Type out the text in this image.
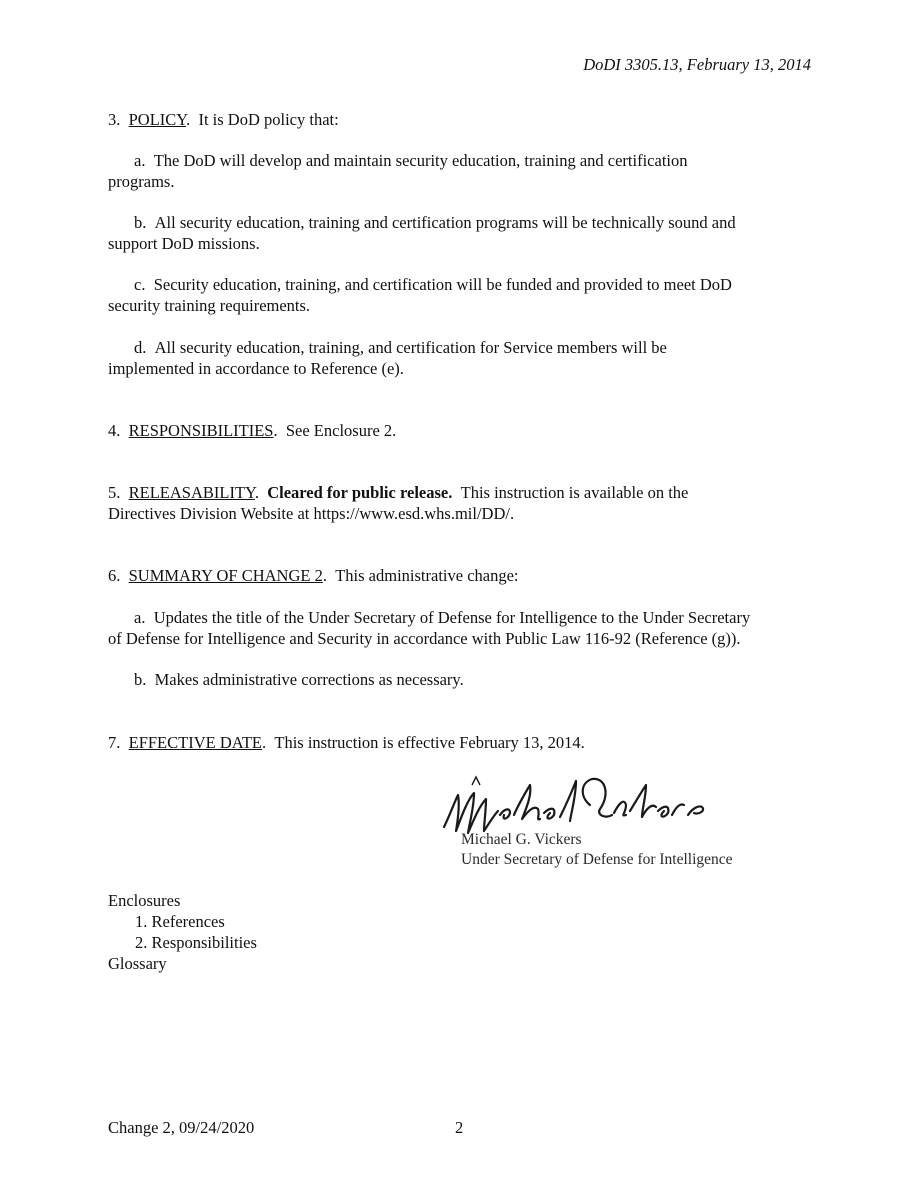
DoDI 3305.13, February 13, 2014
3. POLICY.  It is DoD policy that:
a. The DoD will develop and maintain security education, training and certification
programs.
b. All security education, training and certification programs will be technically sound and
support DoD missions.
c. Security education, training, and certification will be funded and provided to meet DoD
security training requirements.
d. All security education, training, and certification for Service members will be
implemented in accordance to Reference (e).
4. RESPONSIBILITIES.  See Enclosure 2.
5. RELEASABILITY.  Cleared for public release. This instruction is available on the
Directives Division Website at https://www.esd.whs.mil/DD/.
6. SUMMARY OF CHANGE 2.  This administrative change:
a. Updates the title of the Under Secretary of Defense for Intelligence to the Under Secretary
of Defense for Intelligence and Security in accordance with Public Law 116-92 (Reference (g)).
b. Makes administrative corrections as necessary.
7. EFFECTIVE DATE.  This instruction is effective February 13, 2014.
Michael G. Vickers
Under Secretary of Defense for Intelligence
Enclosures
1. References
2. Responsibilities
Glossary
Change 2, 09/24/2020	2
